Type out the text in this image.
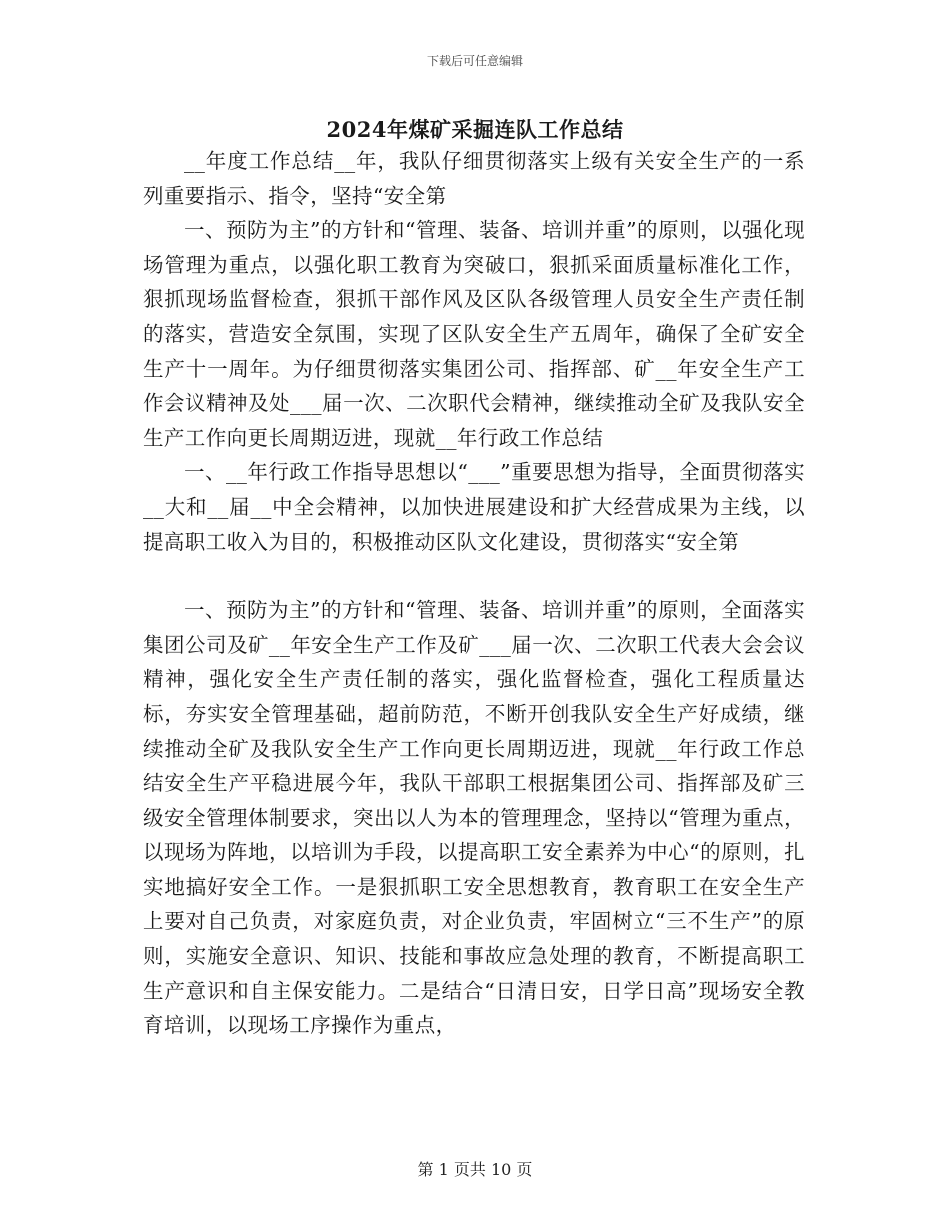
下载后可任意编辑
2024年煤矿采掘连队工作总结

__年度工作总结__年，我队仔细贯彻落实上级有关安全生产的一系列重要指示、指令，坚持“安全第

一、预防为主”的方针和“管理、装备、培训并重”的原则，以强化现场管理为重点，以强化职工教育为突破口，狠抓采面质量标准化工作，狠抓现场监督检查，狠抓干部作风及区队各级管理人员安全生产责任制的落实，营造安全氛围，实现了区队安全生产五周年，确保了全矿安全生产十一周年。为仔细贯彻落实集团公司、指挥部、矿__年安全生产工作会议精神及处___届一次、二次职代会精神，继续推动全矿及我队安全生产工作向更长周期迈进，现就__年行政工作总结

一、__年行政工作指导思想以“___”重要思想为指导，全面贯彻落实__大和__届__中全会精神，以加快进展建设和扩大经营成果为主线，以提高职工收入为目的，积极推动区队文化建设，贯彻落实“安全第

一、预防为主”的方针和“管理、装备、培训并重”的原则，全面落实集团公司及矿__年安全生产工作及矿___届一次、二次职工代表大会会议精神，强化安全生产责任制的落实，强化监督检查，强化工程质量达标，夯实安全管理基础，超前防范，不断开创我队安全生产好成绩，继续推动全矿及我队安全生产工作向更长周期迈进，现就__年行政工作总结安全生产平稳进展今年，我队干部职工根据集团公司、指挥部及矿三级安全管理体制要求，突出以人为本的管理理念，坚持以“管理为重点，以现场为阵地，以培训为手段，以提高职工安全素养为中心“的原则，扎实地搞好安全工作。一是狠抓职工安全思想教育，教育职工在安全生产上要对自己负责，对家庭负责，对企业负责，牢固树立“三不生产”的原则，实施安全意识、知识、技能和事故应急处理的教育，不断提高职工生产意识和自主保安能力。二是结合“日清日安，日学日高”现场安全教育培训，以现场工序操作为重点，

第 1 页共 10 页
